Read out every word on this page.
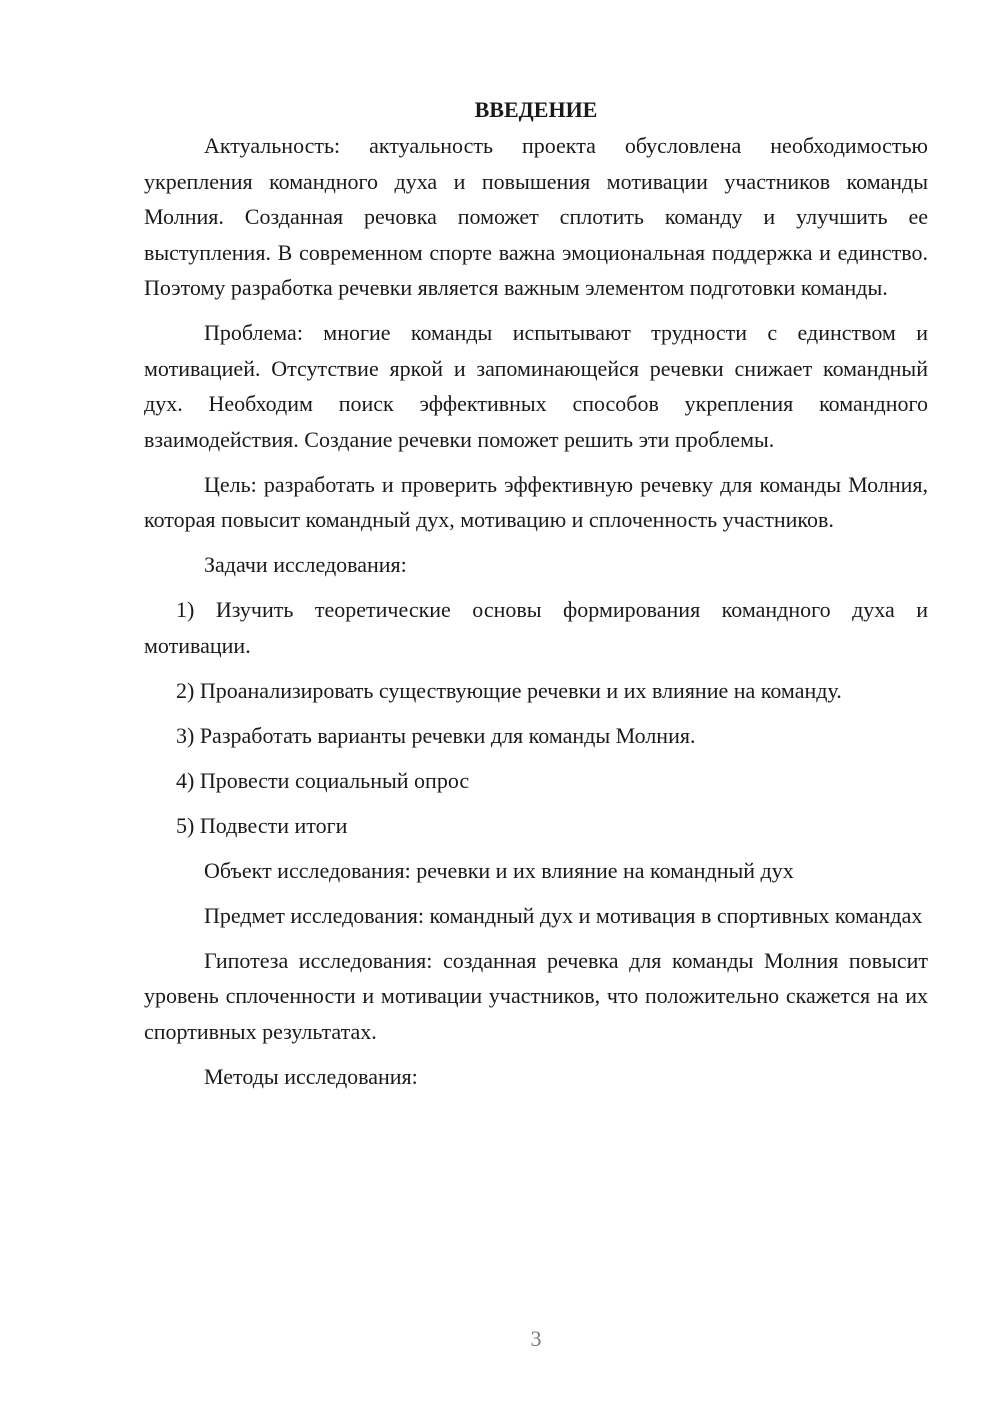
ВВЕДЕНИЕ

Актуальность: актуальность проекта обусловлена необходимостью укрепления командного духа и повышения мотивации участников команды Молния. Созданная речовка поможет сплотить команду и улучшить ее выступления. В современном спорте важна эмоциональная поддержка и единство. Поэтому разработка речевки является важным элементом подготовки команды.

Проблема: многие команды испытывают трудности с единством и мотивацией. Отсутствие яркой и запоминающейся речевки снижает командный дух. Необходим поиск эффективных способов укрепления командного взаимодействия. Создание речевки поможет решить эти проблемы.

Цель: разработать и проверить эффективную речевку для команды Молния, которая повысит командный дух, мотивацию и сплоченность участников.

Задачи исследования:

1) Изучить теоретические основы формирования командного духа и мотивации.

2) Проанализировать существующие речевки и их влияние на команду.

3) Разработать варианты речевки для команды Молния.

4) Провести социальный опрос

5) Подвести итоги

Объект исследования: речевки и их влияние на командный дух

Предмет исследования: командный дух и мотивация в спортивных командах

Гипотеза исследования: созданная речевка для команды Молния повысит уровень сплоченности и мотивации участников, что положительно скажется на их спортивных результатах.

Методы исследования:

3
